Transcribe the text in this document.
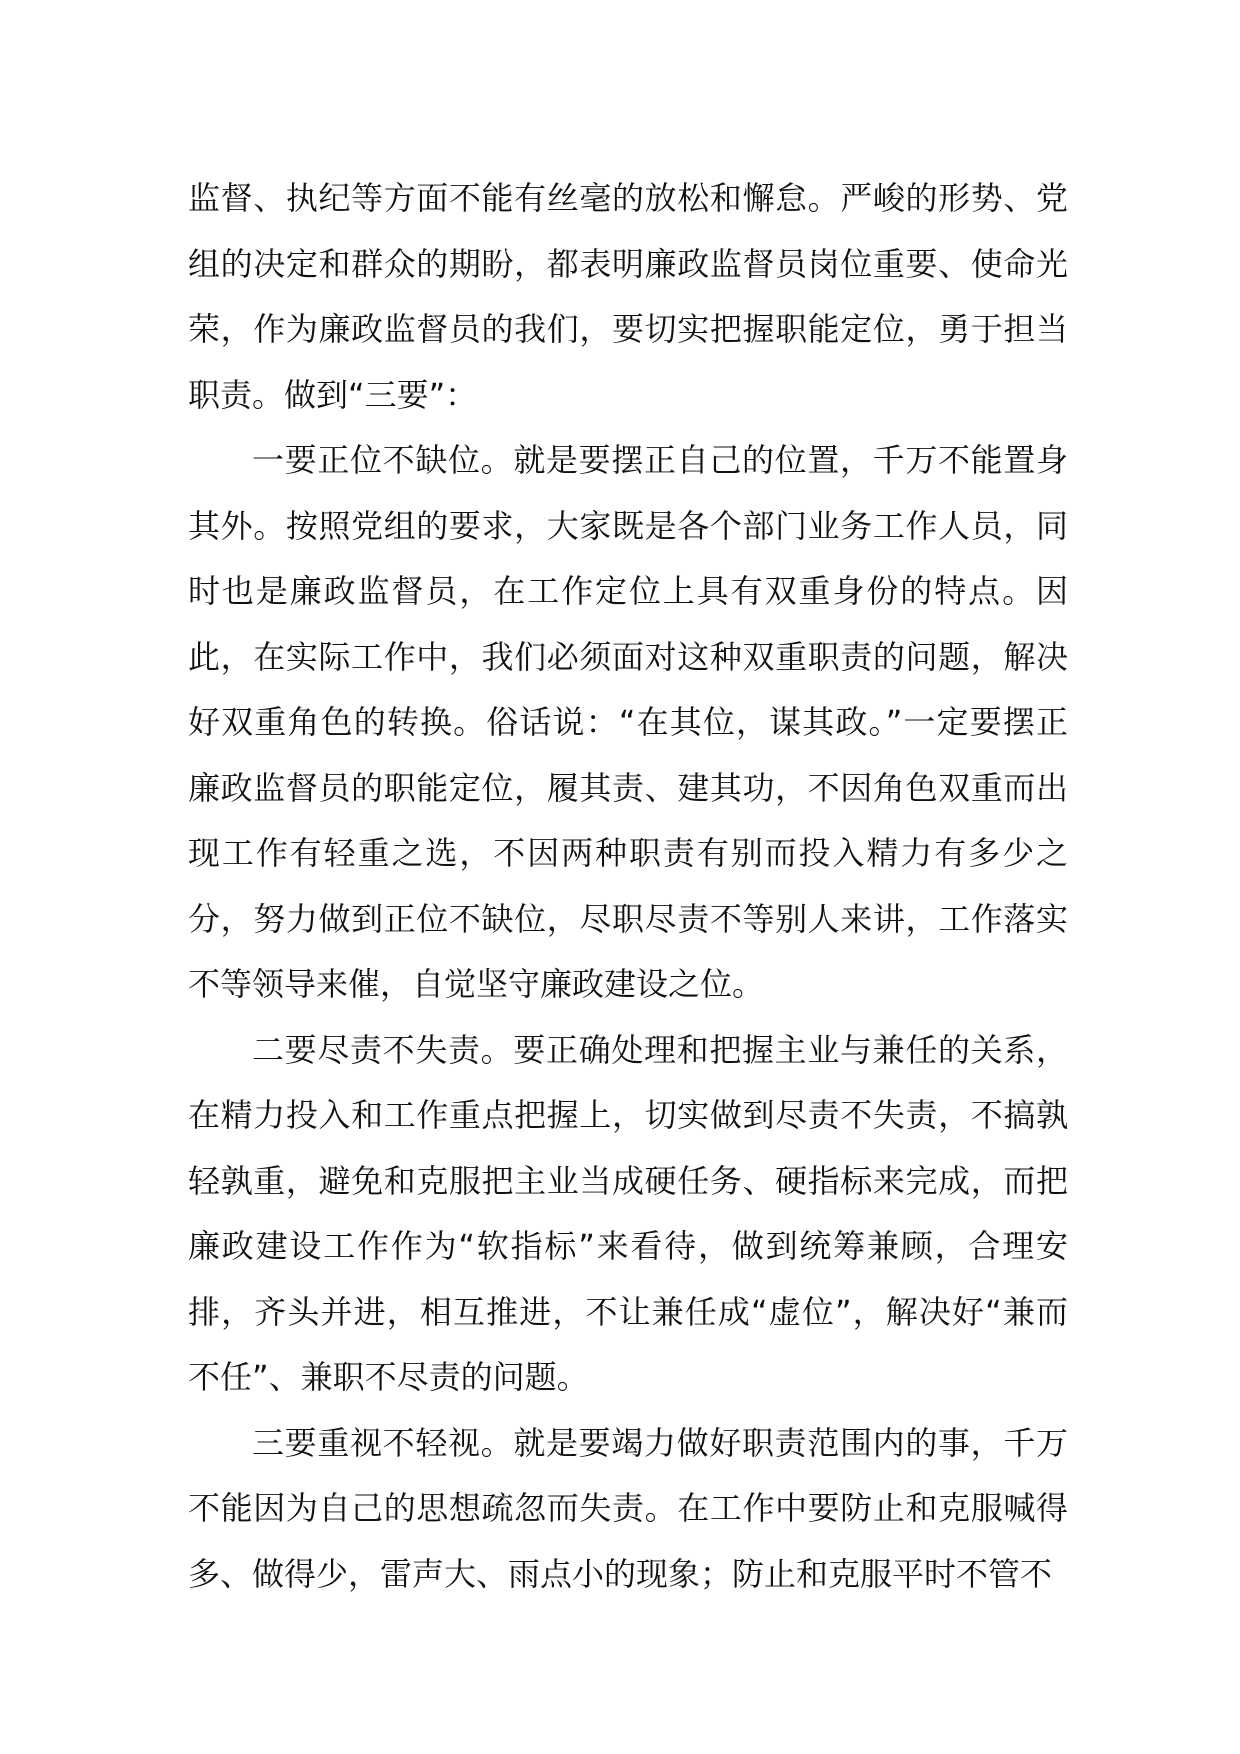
监督、执纪等方面不能有丝毫的放松和懈怠。严峻的形势、党组的决定和群众的期盼，都表明廉政监督员岗位重要、使命光荣，作为廉政监督员的我们，要切实把握职能定位，勇于担当职责。做到“三要”：

一要正位不缺位。就是要摆正自己的位置，千万不能置身其外。按照党组的要求，大家既是各个部门业务工作人员，同时也是廉政监督员，在工作定位上具有双重身份的特点。因此，在实际工作中，我们必须面对这种双重职责的问题，解决好双重角色的转换。俗话说：“在其位，谋其政。”一定要摆正廉政监督员的职能定位，履其责、建其功，不因角色双重而出现工作有轻重之选，不因两种职责有别而投入精力有多少之分，努力做到正位不缺位，尽职尽责不等别人来讲，工作落实不等领导来催，自觉坚守廉政建设之位。

二要尽责不失责。要正确处理和把握主业与兼任的关系，在精力投入和工作重点把握上，切实做到尽责不失责，不搞孰轻孰重，避免和克服把主业当成硬任务、硬指标来完成，而把廉政建设工作作为“软指标”来看待，做到统筹兼顾，合理安排，齐头并进，相互推进，不让兼任成“虚位”，解决好“兼而不任”、兼职不尽责的问题。

三要重视不轻视。就是要竭力做好职责范围内的事，千万不能因为自己的思想疏忽而失责。在工作中要防止和克服喊得多、做得少，雷声大、雨点小的现象；防止和克服平时不管不
